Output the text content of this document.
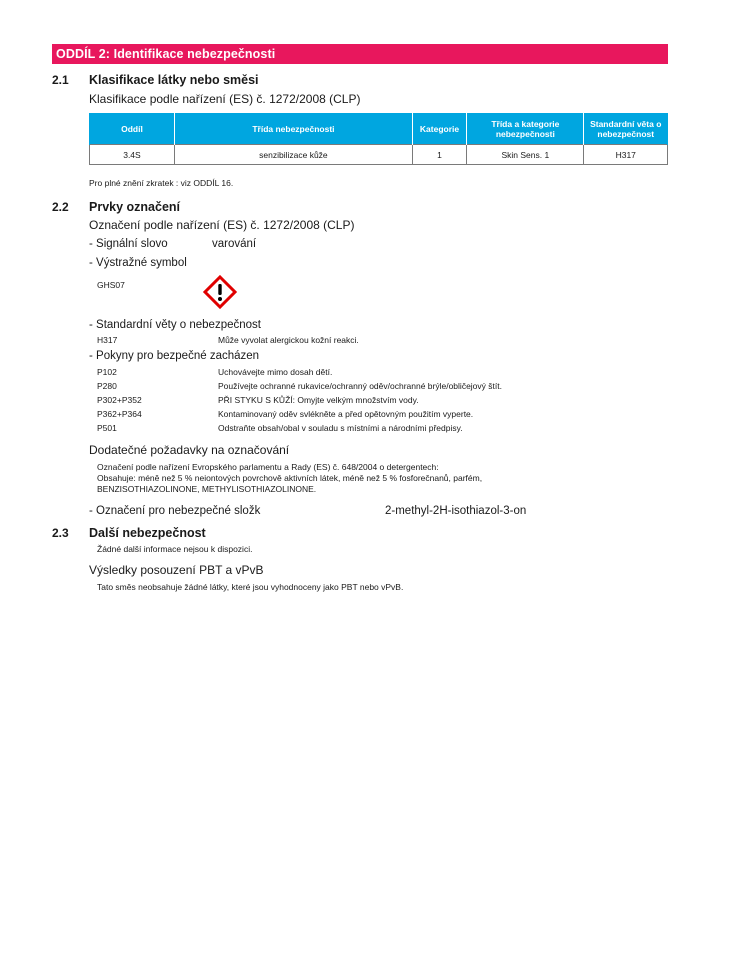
ODDÍL 2: Identifikace nebezpečnosti
2.1 Klasifikace látky nebo směsi
Klasifikace podle nařízení (ES) č. 1272/2008 (CLP)
Oddíl	Třída nebezpečnosti	Kategorie	Třída a kategorie nebezpečnosti	Standardní věta o nebezpečnost
3.4S	senzibilizace kůže	1	Skin Sens. 1	H317
Pro plné znění zkratek : viz ODDÍL 16.
2.2 Prvky označení
Označení podle nařízení (ES) č. 1272/2008 (CLP)
- Signální slovo	varování
- Výstražné symbol
GHS07
- Standardní věty o nebezpečnost
H317	Může vyvolat alergickou kožní reakci.
- Pokyny pro bezpečné zacházen
P102	Uchovávejte mimo dosah dětí.
P280	Používejte ochranné rukavice/ochranný oděv/ochranné brýle/obličejový štít.
P302+P352	PŘI STYKU S KŮŽÍ: Omyjte velkým množstvím vody.
P362+P364	Kontaminovaný oděv svlékněte a před opětovným použitím vyperte.
P501	Odstraňte obsah/obal v souladu s místními a národními předpisy.
Dodatečné požadavky na označování
Označení podle nařízení Evropského parlamentu a Rady (ES) č. 648/2004 o detergentech:
Obsahuje: méně než 5 % neiontových povrchově aktivních látek, méně než 5 % fosforečnanů, parfém,
BENZISOTHIAZOLINONE, METHYLISOTHIAZOLINONE.
- Označení pro nebezpečné složk	2-methyl-2H-isothiazol-3-on
2.3 Další nebezpečnost
Žádné další informace nejsou k dispozici.
Výsledky posouzení PBT a vPvB
Tato směs neobsahuje žádné látky, které jsou vyhodnoceny jako PBT nebo vPvB.
